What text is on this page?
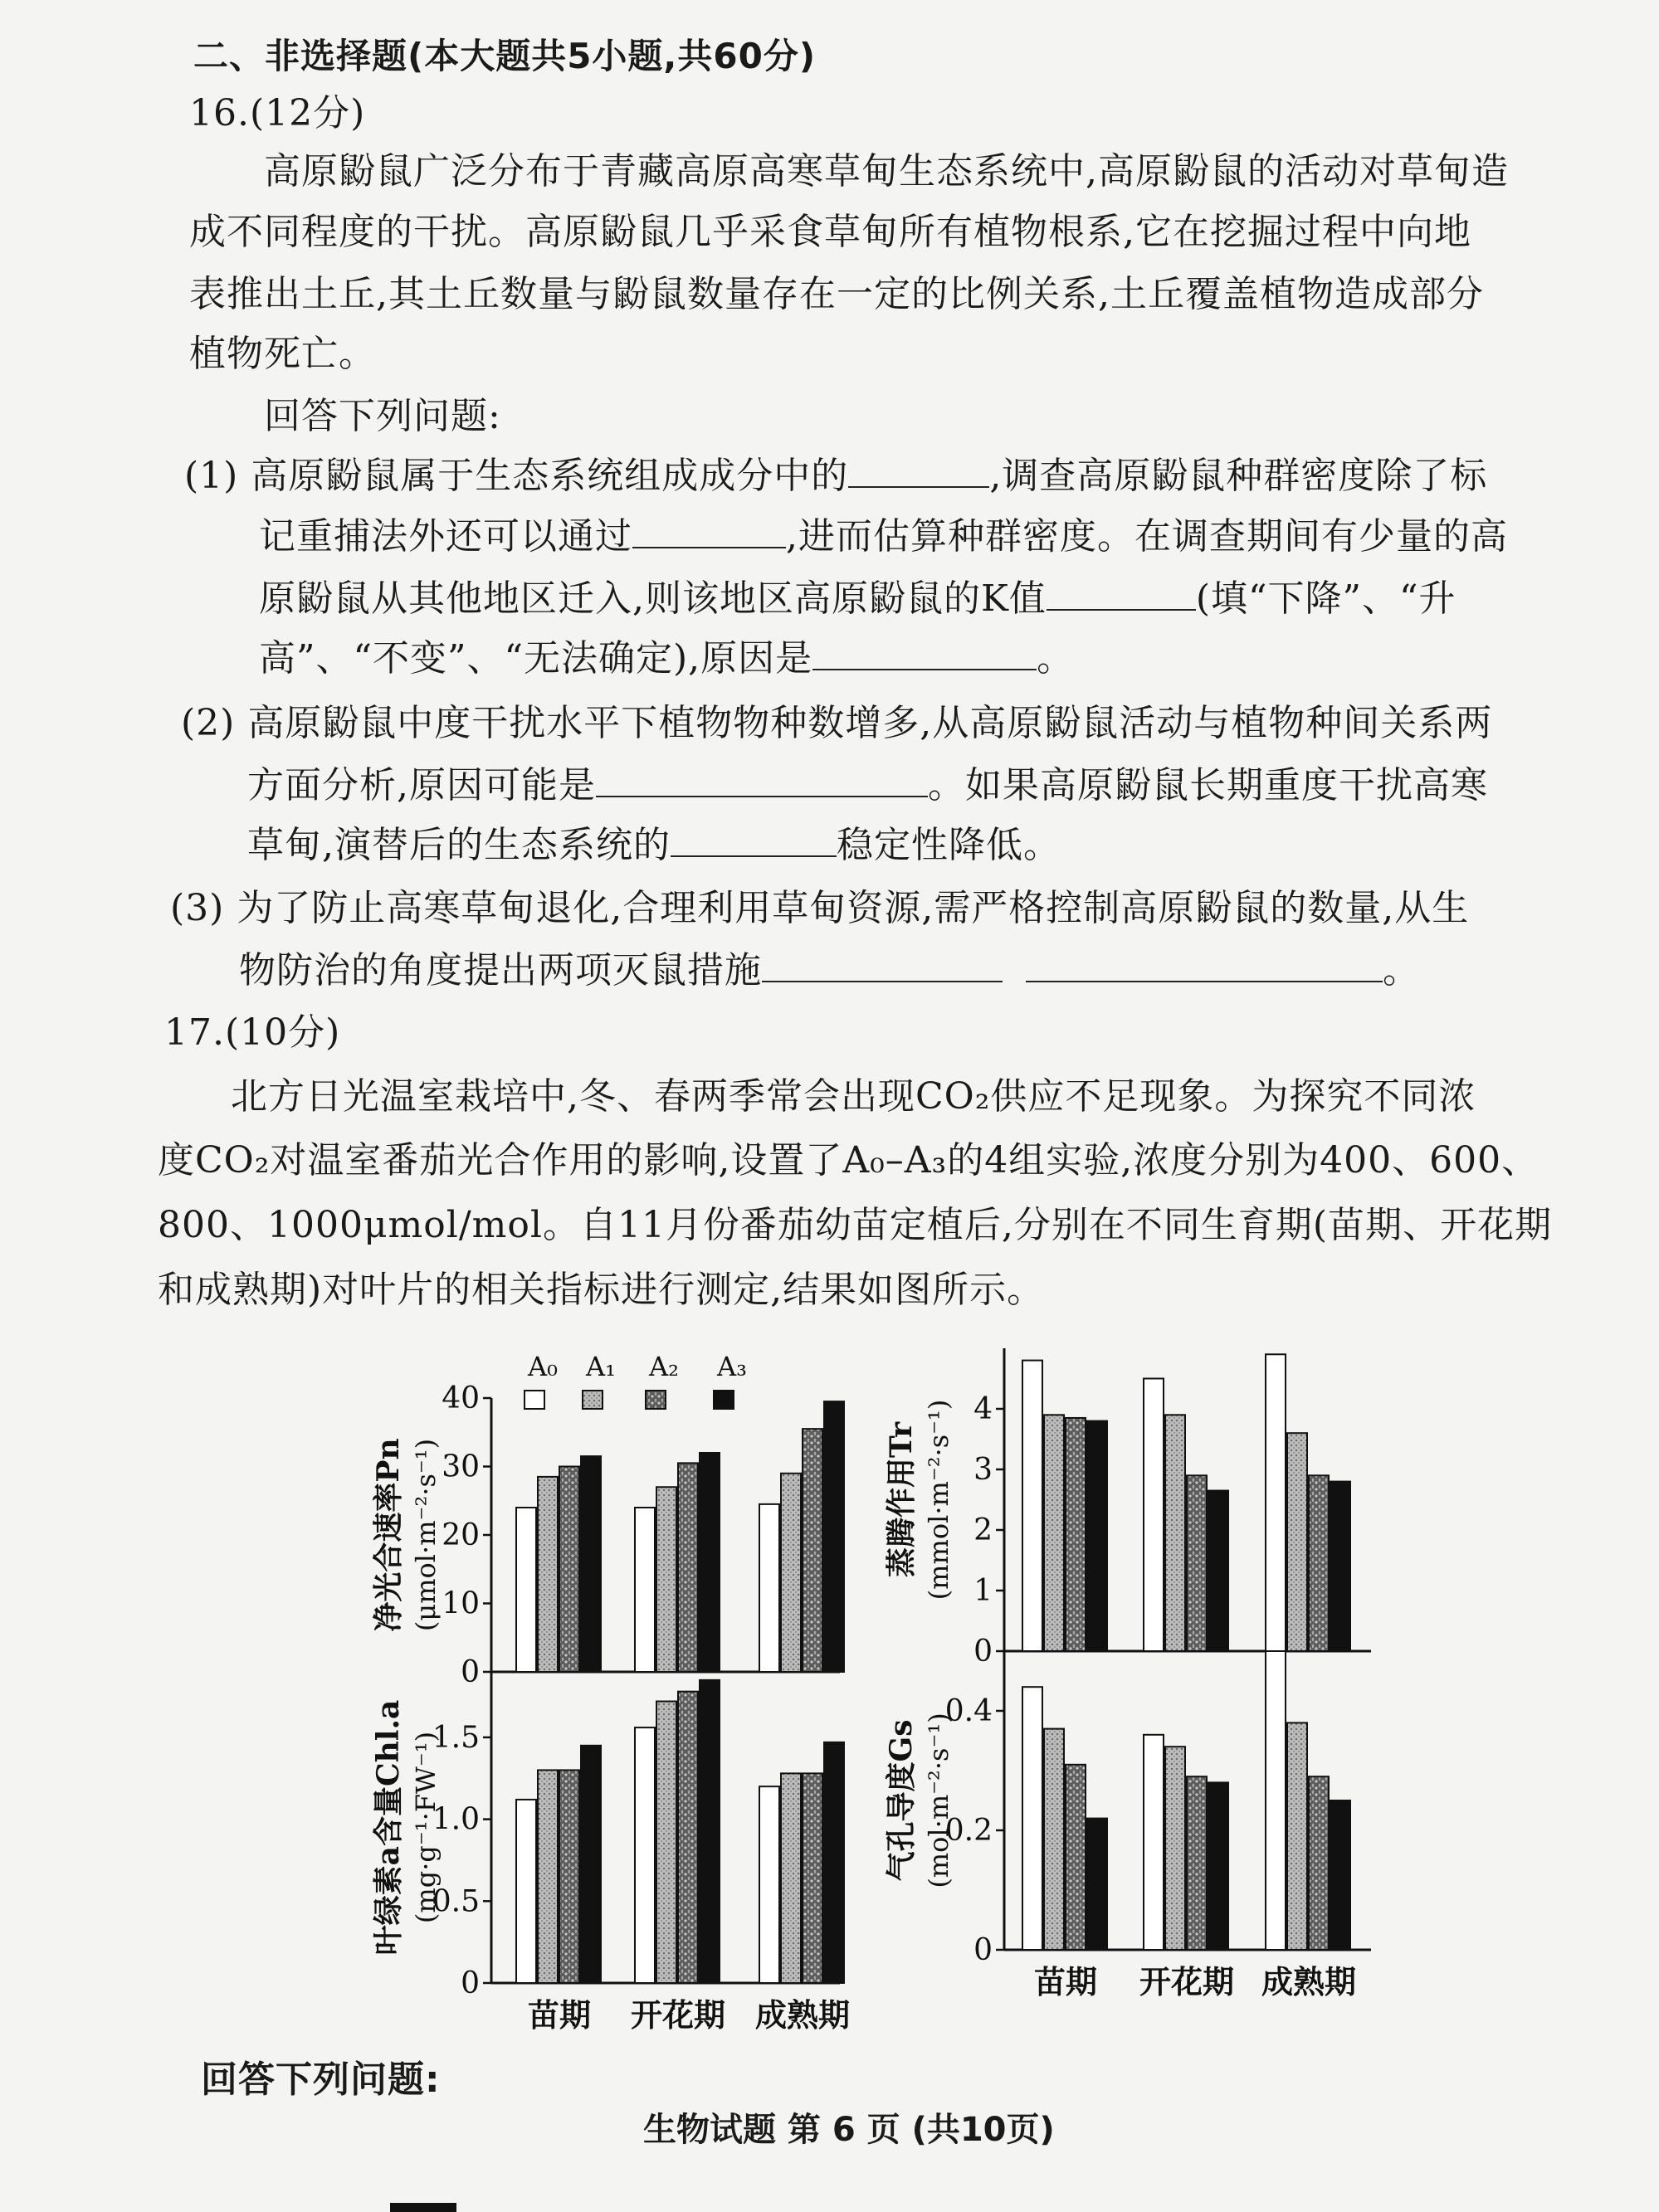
二、非选择题(本大题共5小题,共60分)
16.(12分)
高原鼢鼠广泛分布于青藏高原高寒草甸生态系统中,高原鼢鼠的活动对草甸造
成不同程度的干扰。高原鼢鼠几乎采食草甸所有植物根系,它在挖掘过程中向地
表推出土丘,其土丘数量与鼢鼠数量存在一定的比例关系,土丘覆盖植物造成部分
植物死亡。
回答下列问题:
(1) 高原鼢鼠属于生态系统组成成分中的	,调查高原鼢鼠种群密度除了标
记重捕法外还可以通过	,进而估算种群密度。在调查期间有少量的高
原鼢鼠从其他地区迁入,则该地区高原鼢鼠的K值	(填“下降”、“升
高”、“不变”、“无法确定),原因是	。
(2) 高原鼢鼠中度干扰水平下植物物种数增多,从高原鼢鼠活动与植物种间关系两
方面分析,原因可能是	。如果高原鼢鼠长期重度干扰高寒
草甸,演替后的生态系统的	稳定性降低。
(3) 为了防止高寒草甸退化,合理利用草甸资源,需严格控制高原鼢鼠的数量,从生
物防治的角度提出两项灭鼠措施	。
17.(10分)
北方日光温室栽培中,冬、春两季常会出现CO₂供应不足现象。为探究不同浓
度CO₂对温室番茄光合作用的影响,设置了A₀–A₃的4组实验,浓度分别为400、600、
800、1000μmol/mol。自11月份番茄幼苗定植后,分别在不同生育期(苗期、开花期
和成熟期)对叶片的相关指标进行测定,结果如图所示。
0
10
20
30
40
净光合速率Pn (μmol·m⁻²·s⁻¹)
0
1
2
3
4
蒸腾作用Tr (mmol·m⁻²·s⁻¹)
0
0.5
1.0
1.5
叶绿素a含量Chl.a (mg·g⁻¹·FW⁻¹)
苗期 开花期 成熟期
0
0.2
0.4
气孔导度Gs (mol·m⁻²·s⁻¹)
苗期 开花期 成熟期
A₀ A₁ A₂ A₃
回答下列问题:
生物试题 第 6 页 (共10页)
